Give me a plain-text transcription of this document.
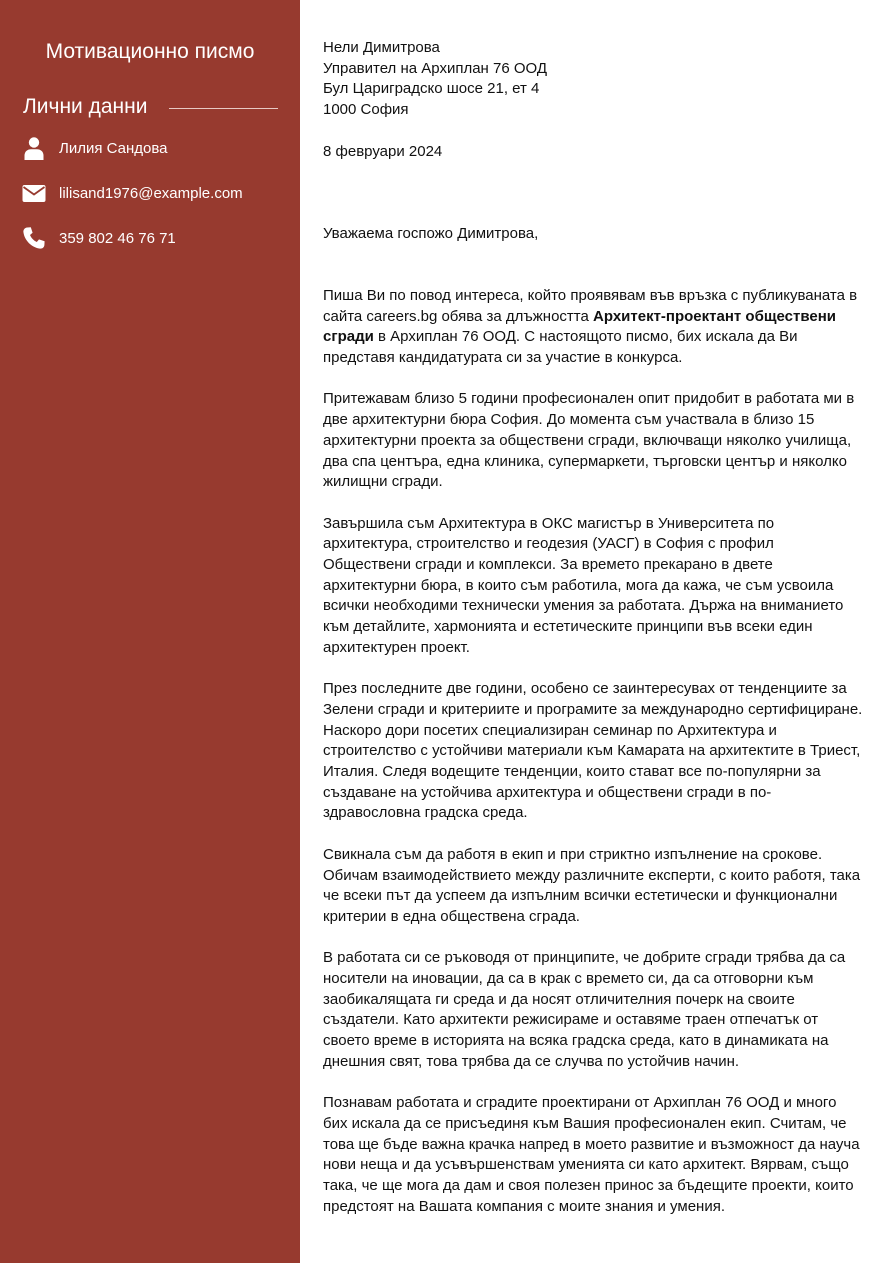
Мотивационно писмо
Лични данни
Лилия Сандова
lilisand1976@example.com
359 802 46 76 71

Нели Димитрова

Управител на Архиплан 76 ООД

Бул Цариградско шосе 21, ет 4

1000 София

8 февруари 2024

Уважаема госпожо Димитрова,

Пиша Ви по повод интереса, който проявявам във връзка с публикуваната в сайта careers.bg обява за длъжността Архитект-проектант обществени сгради в Архиплан 76 ООД. С настоящото писмо, бих искала да Ви представя кандидатурата си за участие в конкурса.

Притежавам близо 5 години професионален опит придобит в работата ми в две архитектурни бюра София. До момента съм участвала в близо 15 архитектурни проекта за обществени сгради, включващи няколко училища, два спа центъра, една клиника, супермаркети, търговски център и няколко жилищни сгради.

Завършила съм Архитектура в ОКС магистър в Университета по архитектура, строителство и геодезия (УАСГ) в София с профил Обществени сгради и комплекси. За времето прекарано в двете архитектурни бюра, в които съм работила, мога да кажа, че съм усвоила всички необходими технически умения за работата. Държа на вниманието към детайлите, хармонията и естетическите принципи във всеки един архитектурен проект.

През последните две години, особено се заинтересувах от тенденциите за Зелени сгради и критериите и програмите за международно сертифициране. Наскоро дори посетих специализиран семинар по Архитектура и строителство с устойчиви материали към Камарата на архитектите в Триест, Италия. Следя водещите тенденции, които стават все по-популярни за създаване на устойчива архитектура и обществени сгради в по-здравословна градска среда.

Свикнала съм да работя в екип и при стриктно изпълнение на срокове. Обичам взаимодействието между различните експерти, с които работя, така че всеки път да успеем да изпълним всички естетически и функционални критерии в една обществена сграда.

В работата си се ръководя от принципите, че добрите сгради трябва да са носители на иновации, да са в крак с времето си, да са отговорни към заобикалящата ги среда и да носят отличителния почерк на своите създатели. Като архитекти режисираме и оставяме траен отпечатък от своето време в историята на всяка градска среда, като в динамиката на днешния свят, това трябва да се случва по устойчив начин.

Познавам работата и сградите проектирани от Архиплан 76 ООД и много бих искала да се присъединя към Вашия професионален екип. Считам, че това ще бъде важна крачка напред в моето развитие и възможност да науча нови неща и да усъвършенствам уменията си като архитект. Вярвам, също така, че ще мога да дам и своя полезен принос за бъдещите проекти, които предстоят на Вашата компания с моите знания и умения.
